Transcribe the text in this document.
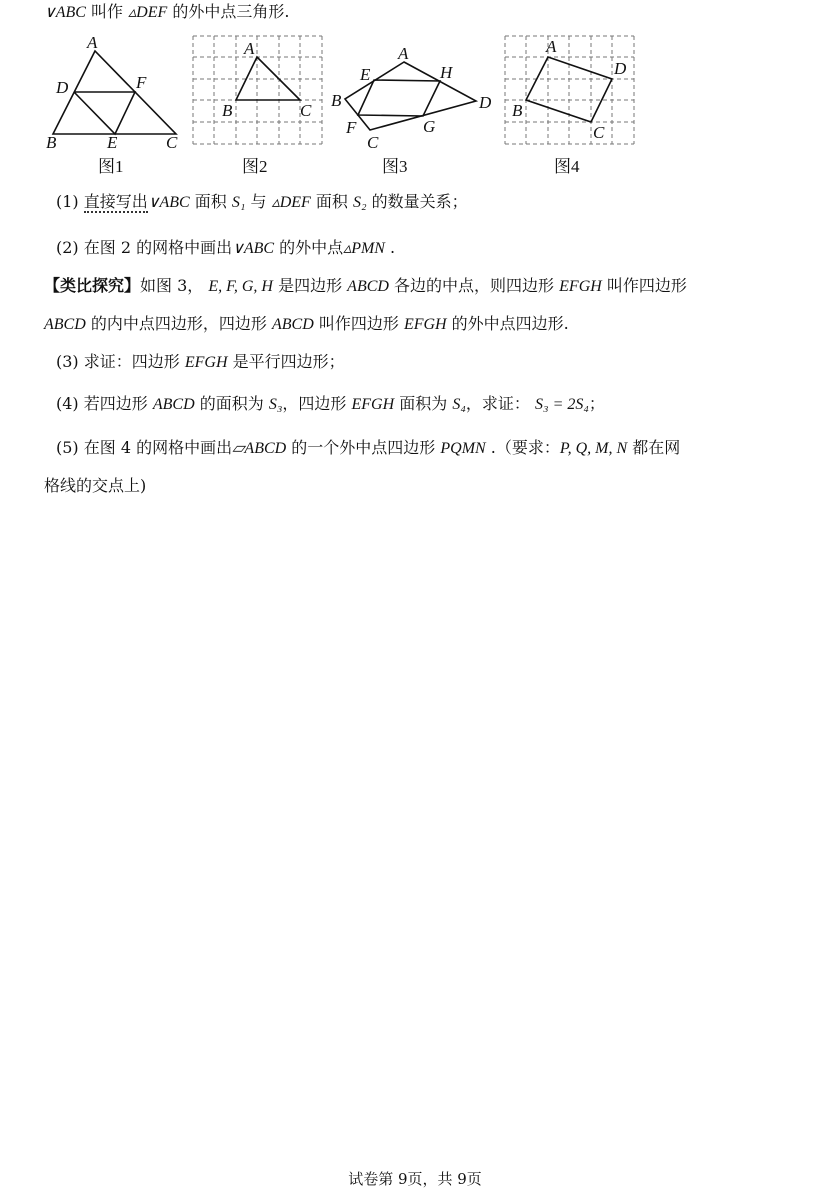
∨ABC 叫作 ▵DEF 的外中点三角形.
A
D	F
B	E	C
A
B	C
A
E	H
B	D
F	G
C
A
D
B
C
图1	图2	图3	图4
(1) 直接写出∨ABC 面积 S₁ 与 ▵DEF 面积 S₂ 的数量关系；
(2) 在图 2 的网格中画出∨ABC 的外中点▵PMN .
【类比探究】如图 3， E, F, G, H 是四边形 ABCD 各边的中点，则四边形 EFGH 叫作四边形
ABCD 的内中点四边形，四边形 ABCD 叫作四边形 EFGH 的外中点四边形.
(3) 求证：四边形 EFGH 是平行四边形；
(4) 若四边形 ABCD 的面积为 S₃，四边形 EFGH 面积为 S₄，求证： S₃ = 2S₄；
(5) 在图 4 的网格中画出▱ABCD 的一个外中点四边形 PQMN .（要求：P, Q, M, N 都在网
格线的交点上)
试卷第 9页，共 9页
